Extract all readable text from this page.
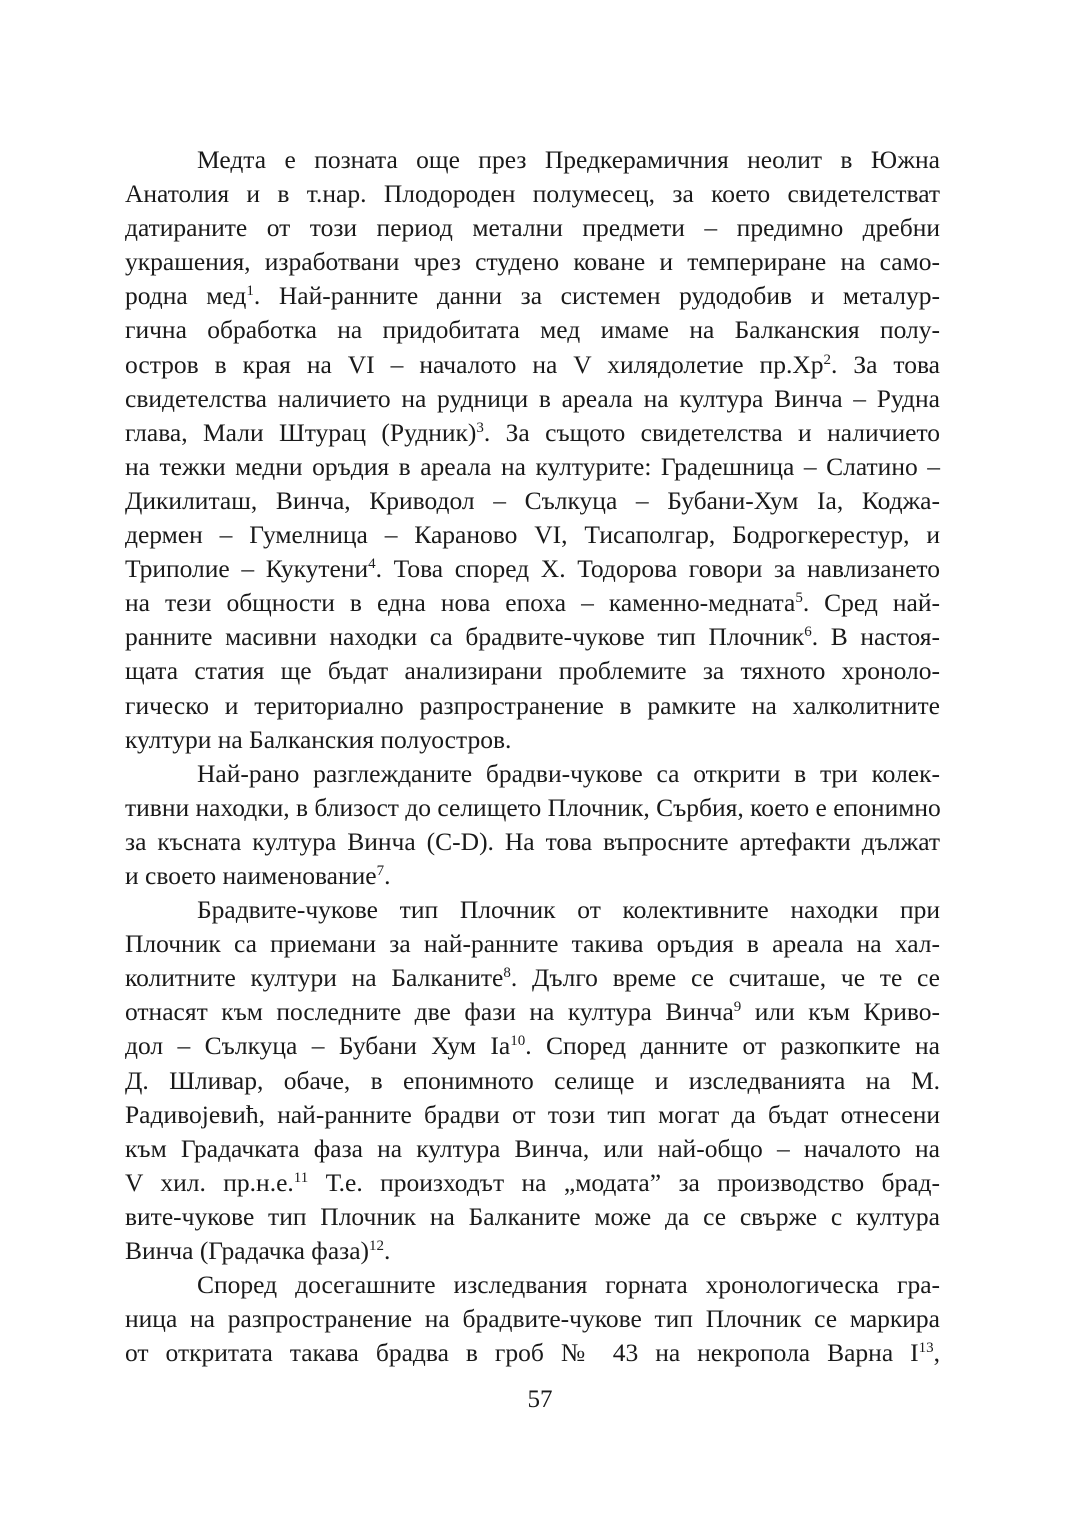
Медта е позната още през Предкерамичния неолит в Южна
Анатолия и в т.нар. Плодороден полумесец, за което свидетелстват
датираните от този период метални предмети – предимно дребни
украшения, изработвани чрез студено коване и темпериране на само-
родна мед$^1$. Най-ранните данни за системен рудодобив и металур-
гична обработка на придобитата мед имаме на Балканския полу-
остров в края на VI – началото на V хилядолетие $пр.Хр^2$. За това
свидетелства наличието на рудници в ареала на култура Винча – Рудна
глава, Мали Штурац (Рудник)$^3$. За същото свидетелства и наличието
на тежки медни оръдия в ареала на културите: Градешница – Слатино –
Дикилиташ, Винча, Криводол – Сълкуца – Бубани-Хум Iа, Коджа-
дермен – Гумелница – Караново VI, Тисаполгар, Бодрогкерестур, и
Триполие – Кукутени$^4$. Това според Х. Тодорова говори за навлизането
на тези общности в една нова епоха – каменно-медната$^5$. Сред най-
ранните масивни находки са брадвите-чукове тип Плочник$^6$. В настоя-
щата статия ще бъдат анализирани проблемите за тяхното хроноло-
гическо и териториално разпространение в рамките на халколитните
култури на Балканския полуостров.
Най-рано разглежданите брадви-чукове са открити в три колек-
тивни находки, в близост до селището Плочник, Сърбия, което е епонимно
за късната култура Винча (C-D). На това въпросните артефакти дължат
и своето наименование$^7$.
Брадвите-чукове тип Плочник от колективните находки при
Плочник са приемани за най-ранните такива оръдия в ареала на хал-
колитните култури на Балканите$^8$. Дълго време се считаше, че те се
отнасят към последните две фази на култура Винча$^9$ или към Криво-
дол – Сълкуца – Бубани Хум $Iа^{10}$. Според данните от разкопките на
Д. Шливар, обаче, в епонимното селище и изследванията на М.
Радивојевић, най-ранните брадви от този тип могат да бъдат отнесени
към Градачката фаза на култура Винча, или най-общо – началото на
V хил. пр.н.е.$^{11}$ Т.е. произходът на „модата” за производство брад-
вите-чукове тип Плочник на Балканите може да се свърже с култура
Винча (Градачка фаза)$^{12}$.
Според досегашните изследвания горната хронологическа гра-
ница на разпространение на брадвите-чукове тип Плочник се маркира
от откритата такава брадва в гроб № 43 на некропола Варна $I^{13}$,
57
